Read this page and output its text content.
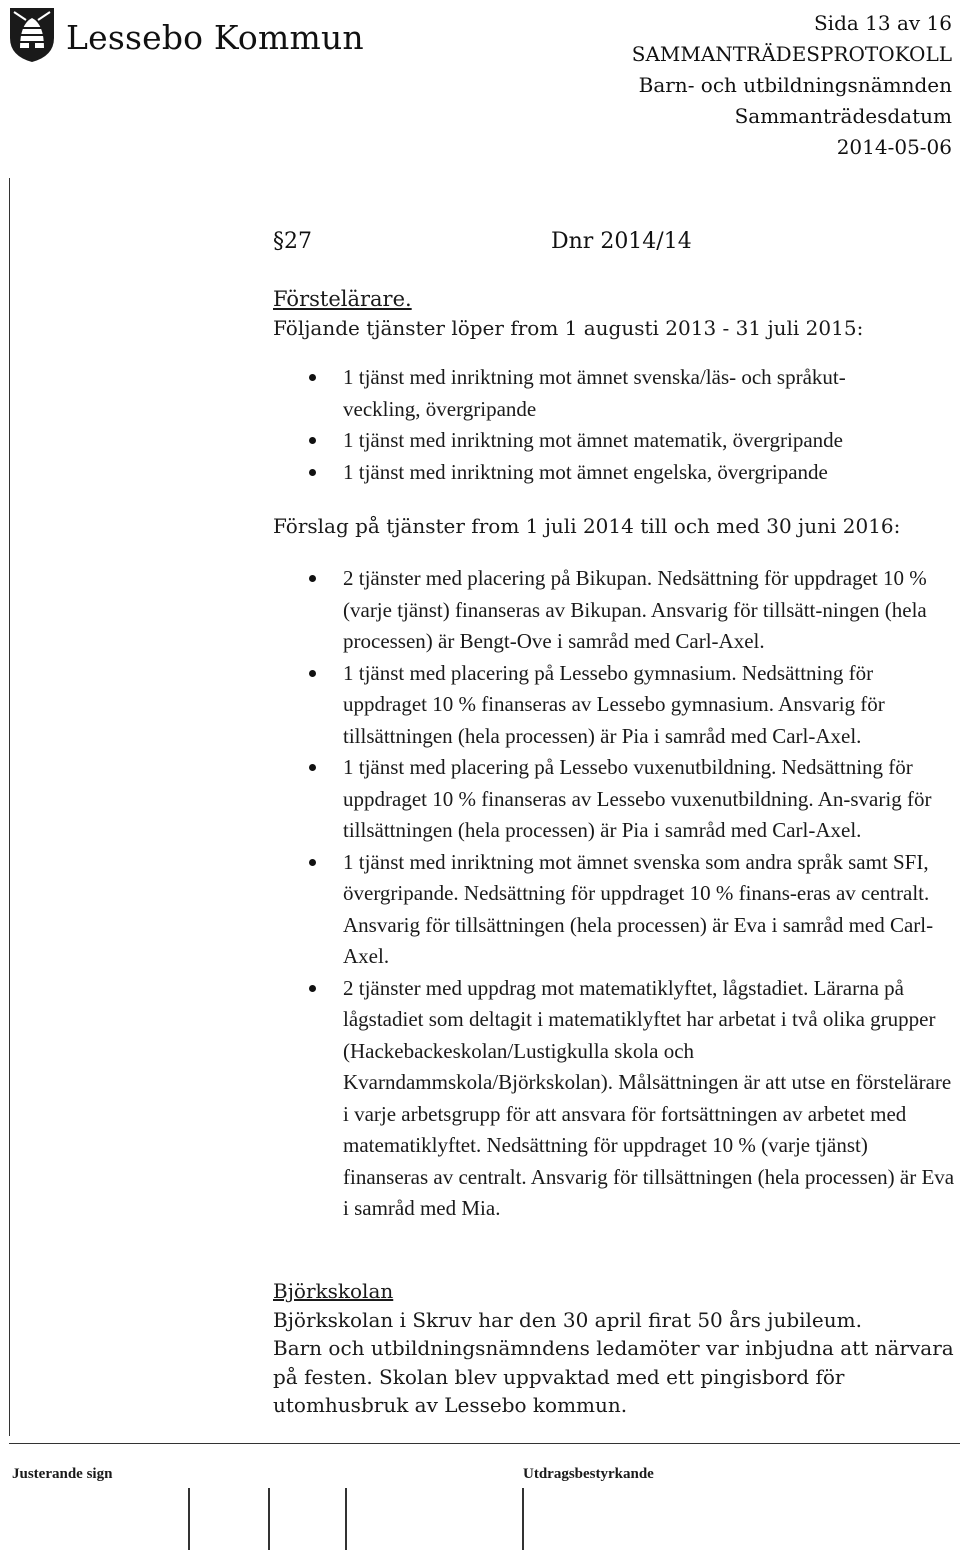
Lessebo Kommun	Sida 13 av 16
SAMMANTRÄDESPROTOKOLL
Barn- och utbildningsnämnden
Sammanträdesdatum
2014-05-06
§27	Dnr 2014/14
Förstelärare.
Följande tjänster löper from 1 augusti 2013 - 31 juli 2015:
1 tjänst med inriktning mot ämnet svenska/läs- och språkut-veckling, övergripande
1 tjänst med inriktning mot ämnet matematik, övergripande
1 tjänst med inriktning mot ämnet engelska, övergripande
Förslag på tjänster from 1 juli 2014 till och med 30 juni 2016:
2 tjänster med placering på Bikupan. Nedsättning för uppdraget 10 % (varje tjänst) finanseras av Bikupan. Ansvarig för tillsätt-ningen (hela processen) är Bengt-Ove i samråd med Carl-Axel.
1 tjänst med placering på Lessebo gymnasium. Nedsättning för uppdraget 10 % finanseras av Lessebo gymnasium. Ansvarig för tillsättningen (hela processen) är Pia i samråd med Carl-Axel.
1 tjänst med placering på Lessebo vuxenutbildning. Nedsättning för uppdraget 10 % finanseras av Lessebo vuxenutbildning. An-svarig för tillsättningen (hela processen) är Pia i samråd med Carl-Axel.
1 tjänst med inriktning mot ämnet svenska som andra språk samt SFI, övergripande. Nedsättning för uppdraget 10 % finans-eras av centralt. Ansvarig för tillsättningen (hela processen) är Eva i samråd med Carl-Axel.
2 tjänster med uppdrag mot matematiklyftet, lågstadiet. Lärarna på lågstadiet som deltagit i matematiklyftet har arbetat i två olika grupper (Hackebackeskolan/Lustigkulla skola och Kvarndammskola/Björkskolan). Målsättningen är att utse en förstelärare i varje arbetsgrupp för att ansvara för fortsättningen av arbetet med matematiklyftet. Nedsättning för uppdraget 10 % (varje tjänst) finanseras av centralt. Ansvarig för tillsättningen (hela processen) är Eva i samråd med Mia.
Björkskolan

Björkskolan i Skruv har den 30 april firat 50 års jubileum.

Barn och utbildningsnämndens ledamöter var inbjudna att närvara på festen. Skolan blev uppvaktad med ett pingisbord för utomhusbruk av Lessebo kommun.

Justerande sign	Utdragsbestyrkande
